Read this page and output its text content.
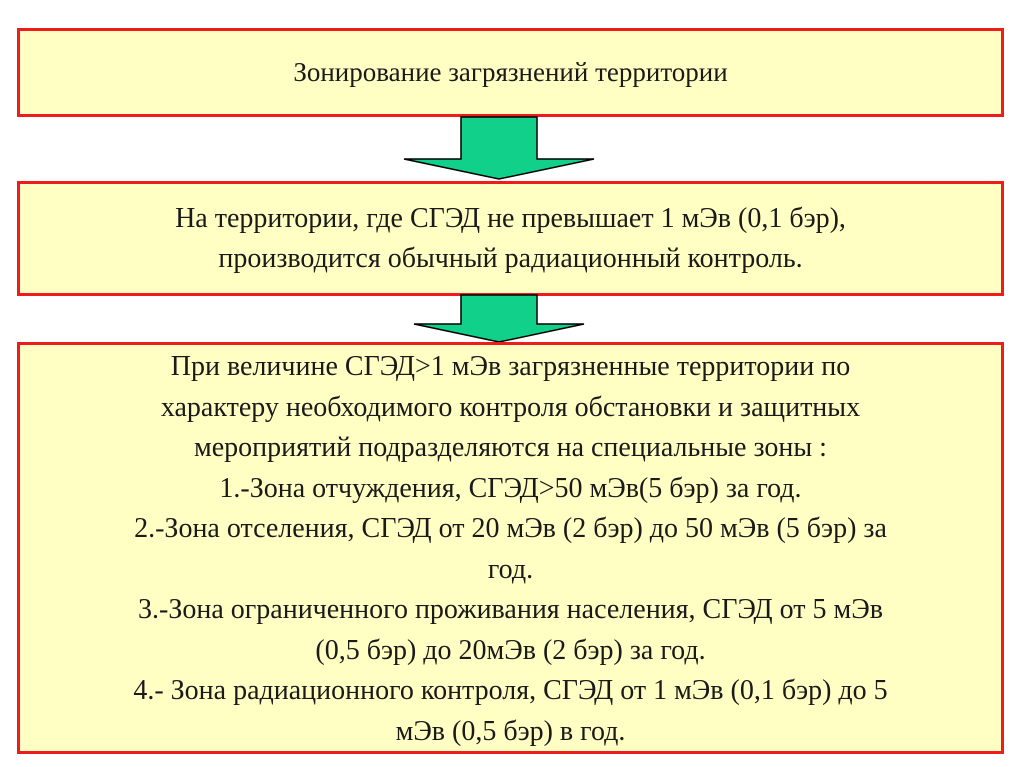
Зонирование загрязнений территории
На территории, где СГЭД не превышает 1 мЭв (0,1 бэр),
производится обычный радиационный контроль.
При величине СГЭД>1 мЭв загрязненные территории по
характеру необходимого контроля обстановки и защитных
мероприятий подразделяются на специальные зоны :
1.-Зона отчуждения, СГЭД>50 мЭв(5 бэр) за год.
2.-Зона отселения, СГЭД от 20 мЭв (2 бэр) до 50 мЭв (5 бэр) за
год.
3.-Зона ограниченного проживания населения, СГЭД от 5 мЭв
(0,5 бэр) до 20мЭв (2 бэр) за год.
4.- Зона радиационного контроля, СГЭД от 1 мЭв (0,1 бэр) до 5
мЭв (0,5 бэр) в год.
